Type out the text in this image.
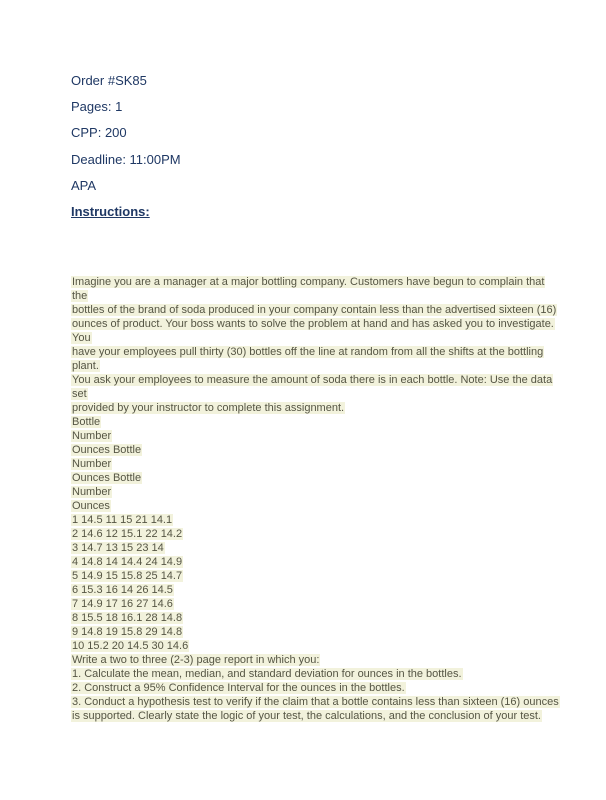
Order #SK85
Pages: 1
CPP: 200
Deadline: 11:00PM
APA
Instructions:
Imagine you are a manager at a major bottling company. Customers have begun to complain that
the
bottles of the brand of soda produced in your company contain less than the advertised sixteen (16)
ounces of product. Your boss wants to solve the problem at hand and has asked you to investigate.
You
have your employees pull thirty (30) bottles off the line at random from all the shifts at the bottling
plant.
You ask your employees to measure the amount of soda there is in each bottle. Note: Use the data
set
provided by your instructor to complete this assignment.
Bottle
Number
Ounces Bottle
Number
Ounces Bottle
Number
Ounces
1 14.5 11 15 21 14.1
2 14.6 12 15.1 22 14.2
3 14.7 13 15 23 14
4 14.8 14 14.4 24 14.9
5 14.9 15 15.8 25 14.7
6 15.3 16 14 26 14.5
7 14.9 17 16 27 14.6
8 15.5 18 16.1 28 14.8
9 14.8 19 15.8 29 14.8
10 15.2 20 14.5 30 14.6
Write a two to three (2-3) page report in which you:
1. Calculate the mean, median, and standard deviation for ounces in the bottles.
2. Construct a 95% Confidence Interval for the ounces in the bottles.
3. Conduct a hypothesis test to verify if the claim that a bottle contains less than sixteen (16) ounces
is supported. Clearly state the logic of your test, the calculations, and the conclusion of your test.
